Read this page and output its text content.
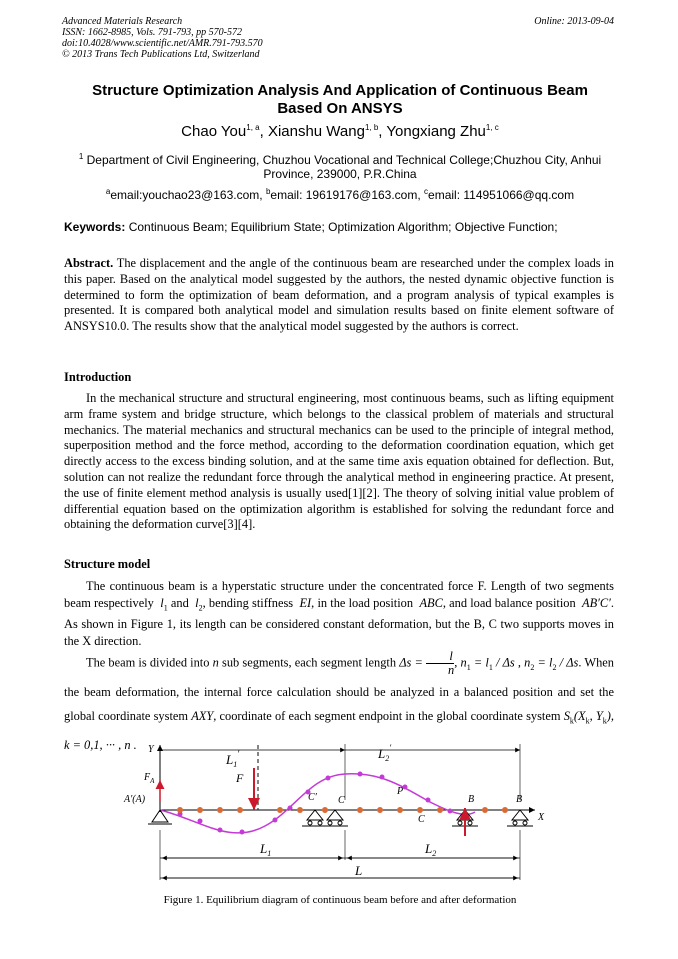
Advanced Materials Research
ISSN: 1662-8985, Vols. 791-793, pp 570-572
doi:10.4028/www.scientific.net/AMR.791-793.570
© 2013 Trans Tech Publications Ltd, Switzerland
Online: 2013-09-04
Structure Optimization Analysis And Application of Continuous Beam
Based On ANSYS
Chao You$^{1, a}$, Xianshu Wang$^{1, b}$, Yongxiang Zhu$^{1, c}$
$^1$ Department of Civil Engineering, Chuzhou Vocational and Technical College;Chuzhou City, Anhui
Province, 239000, P.R.China
$^a$email:youchao23@163.com, $^b$email: 19619176@163.com, $^c$email: 114951066@qq.com
Keywords: Continuous Beam; Equilibrium State; Optimization Algorithm; Objective Function;
Abstract. The displacement and the angle of the continuous beam are researched under the complex loads in this paper. Based on the analytical model suggested by the authors, the nested dynamic objective function is determined to form the optimization of beam deformation, and a program analysis of typical examples is presented. It is compared both analytical model and simulation results based on finite element software of ANSYS10.0. The results show that the analytical model suggested by the authors is correct.
Introduction

In the mechanical structure and structural engineering, most continuous beams, such as lifting equipment arm frame system and bridge structure, which belongs to the classical problem of materials and structural mechanics. The material mechanics and structural mechanics can be used to the principle of integral method, superposition method and the force method, according to the deformation coordination equation, which get directly access to the excess binding solution, and at the same time axis equation obtained for deflection. But, solution can not realize the redundant force through the analytical method in engineering practice. At present, the use of finite element method analysis is usually used[1][2]. The theory of solving initial value problem of differential equation based on the optimization algorithm is established for solving the redundant force and obtaining the deformation curve[3][4].

Structure model

The continuous beam is a hyperstatic structure under the concentrated force F. Length of two segments beam respectively $l_1$ and $l_2$, bending stiffness EI, in the load position ABC, and load balance position AB′C′. As shown in Figure 1, its length can be considered constant deformation, but the B, C two supports moves in the X direction.

The beam is divided into n sub segments, each segment length $\Delta s = \frac{l}{n}$ , $n_1 = l_1 / \Delta s$ , $n_2 = l_2 / \Delta s$. When the beam deformation, the internal force calculation should be analyzed in a balanced position and set the global coordinate system AXY, coordinate of each segment endpoint in the global coordinate system $S_k(X_k$, $Y_k$), k = 0,1, ··· , n .	Y
X
$L_1'$	$L_2'$
$F_A$
A′(A)
F
C′ C
P
C
B	B
$L_1$	$L_2$
L
Figure 1. Equilibrium diagram of continuous beam before and after deformation
